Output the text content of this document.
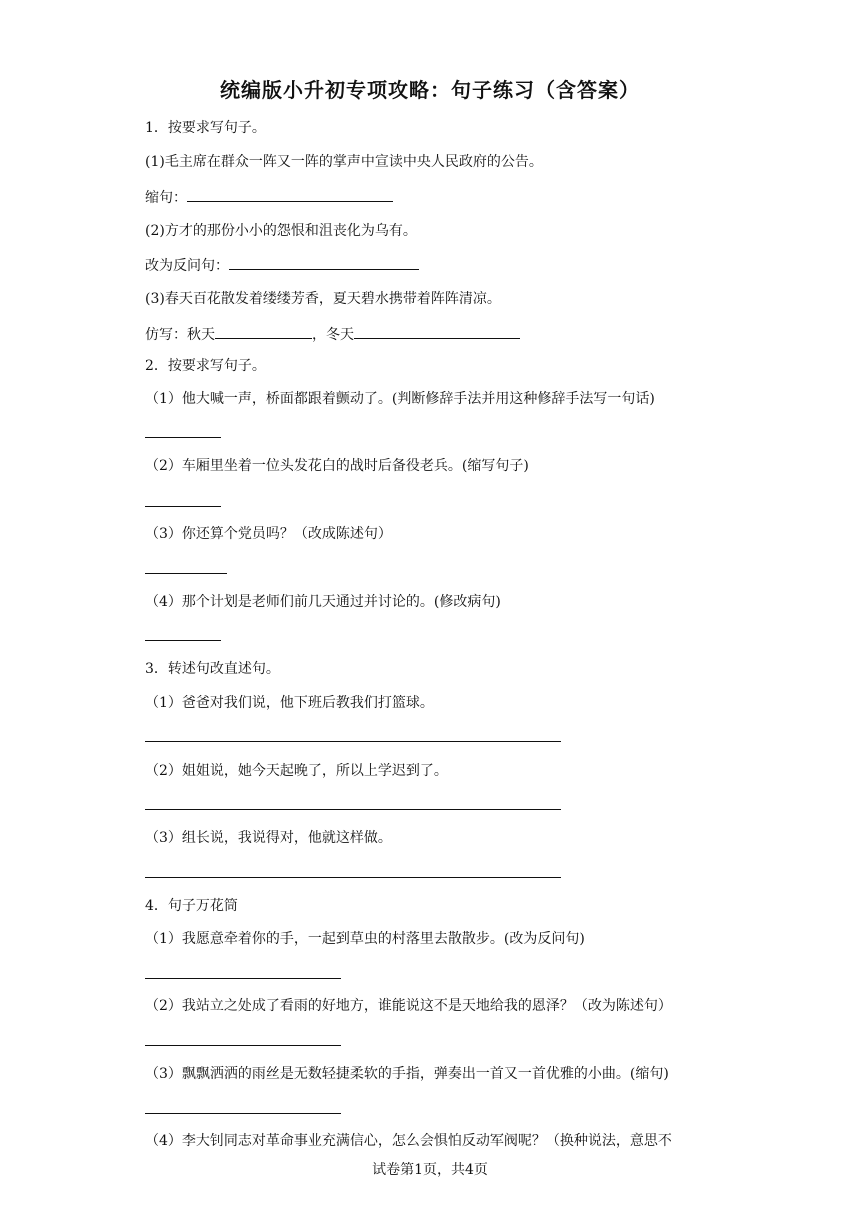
统编版小升初专项攻略：句子练习（含答案）
1．按要求写句子。
(1)毛主席在群众一阵又一阵的掌声中宣读中央人民政府的公告。
缩句：
(2)方才的那份小小的怨恨和沮丧化为乌有。
改为反问句：
(3)春天百花散发着缕缕芳香，夏天碧水携带着阵阵清凉。
仿写：秋天	，冬天
2．按要求写句子。
（1）他大喊一声，桥面都跟着颤动了。(判断修辞手法并用这种修辞手法写一句话)
（2）车厢里坐着一位头发花白的战时后备役老兵。(缩写句子)
（3）你还算个党员吗？（改成陈述句）
（4）那个计划是老师们前几天通过并讨论的。(修改病句)
3．转述句改直述句。
（1）爸爸对我们说，他下班后教我们打篮球。
（2）姐姐说，她今天起晚了，所以上学迟到了。
（3）组长说，我说得对，他就这样做。
4．句子万花筒
（1）我愿意牵着你的手，一起到草虫的村落里去散散步。(改为反问句)
（2）我站立之处成了看雨的好地方，谁能说这不是天地给我的恩泽？（改为陈述句）
（3）飘飘洒洒的雨丝是无数轻捷柔软的手指，弹奏出一首又一首优雅的小曲。(缩句)
（4）李大钊同志对革命事业充满信心，怎么会惧怕反动军阀呢？（换种说法，意思不
试卷第1页，共4页
